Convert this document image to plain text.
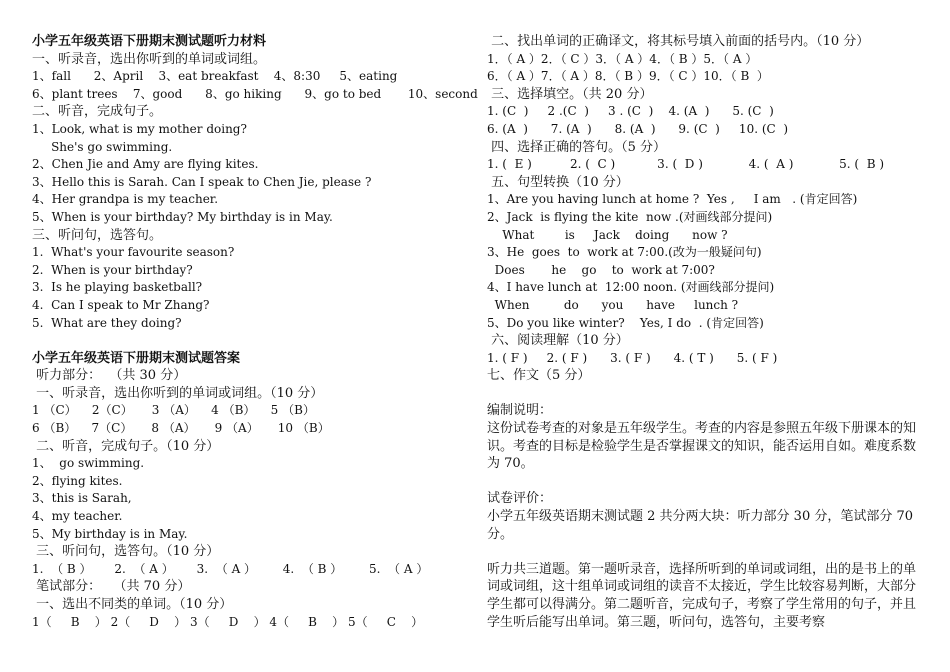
小学五年级英语下册期末测试题听力材料
一、听录音，选出你听到的单词或词组。
1、fall      2、April    3、eat breakfast    4、8:30     5、eating
6、plant trees    7、good      8、go hiking      9、go to bed       10、second
二、听音，完成句子。
1、Look, what is my mother doing?
She's go swimming.
2、Chen Jie and Amy are flying kites.
3、Hello this is Sarah. Can I speak to Chen Jie, please ?
4、Her grandpa is my teacher.
5、When is your birthday? My birthday is in May.
三、听问句，选答句。
1.  What's your favourite season?
2.  When is your birthday?
3.  Is he playing basketball?
4.  Can I speak to Mr Zhang?
5.  What are they doing?
小学五年级英语下册期末测试题答案
听力部分：  （共 30 分）
一、听录音，选出你听到的单词或词组。（10 分）
1 （C）    2（C）     3 （A）    4 （B）    5 （B）
6 （B）    7（C）     8 （A）     9 （A）     10 （B）
二、听音，完成句子。（10 分）
1、  go swimming.
2、flying kites.
3、this is Sarah,
4、my teacher.
5、My birthday is in May.
三、听问句，选答句。（10 分）
1.  （ B ）      2.  （ A ）      3.  （ A ）       4.  （ B ）       5.  （ A ）
笔试部分：   （共 70 分）
一、选出不同类的单词。（10 分）
1（     B    ） 2（     D    ） 3（     D    ） 4（     B    ） 5（     C    ）
二、找出单词的正确译文，将其标号填入前面的括号内。（10 分）
1．（ A ）2．（ C ）3．（ A ）4．（ B ）5．（ A ）
6．（ A ）7．（ A ）8．（ B ）9．（ C ）10．（ B  ）
三、选择填空。（共 20 分）
1. (C  )     2 .(C  )     3 . (C  )    4. (A  )      5. (C  )
6. (A  )      7. (A  )      8. (A  )      9. (C  )     10. (C  )
四、选择正确的答句。（5 分）
1. (  E )          2. (  C )           3. (  D )            4. (  A )            5. (  B )
五、句型转换（10 分）
1、Are you having lunch at home ?  Yes ,     I am   . (肯定回答)
2、Jack  is flying the kite  now .(对画线部分提问)
What        is     Jack    doing      now ?
3、He  goes  to  work at 7:00.(改为一般疑问句)
Does       he    go    to  work at 7:00?
4、I have lunch at  12:00 noon. (对画线部分提问)
When         do      you      have     lunch ?
5、Do you like winter?    Yes, I do  . (肯定回答)
六、阅读理解（10 分）
1. ( F )     2. ( F )      3. ( F )      4. ( T )      5. ( F )
七、作文（5 分）
编制说明：
这份试卷考查的对象是五年级学生。考查的内容是参照五年级下册课本的知识。考查的目标是检验学生是否掌握课文的知识，能否运用自如。难度系数为 70。
试卷评价：
小学五年级英语期末测试题 2 共分两大块：听力部分 30 分，笔试部分 70 分。
听力共三道题。第一题听录音，选择所听到的单词或词组，出的是书上的单词或词组，这十组单词或词组的读音不太接近，学生比较容易判断，大部分学生都可以得满分。第二题听音，完成句子，考察了学生常用的句子，并且学生听后能写出单词。第三题，听问句，选答句，主要考察
